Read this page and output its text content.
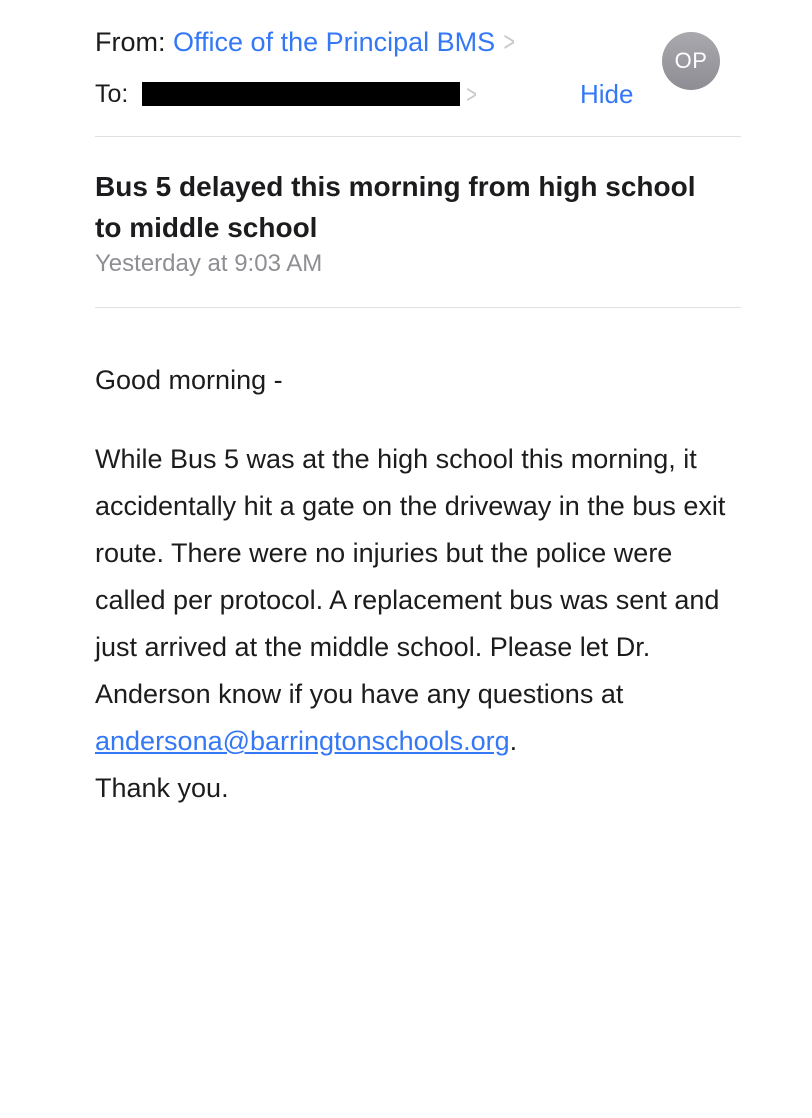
From: Office of the Principal BMS >
OP
To:	>	Hide
Bus 5 delayed this morning from high school to middle school
Yesterday at 9:03 AM

Good morning -

While Bus 5 was at the high school this morning, it accidentally hit a gate on the driveway in the bus exit route. There were no injuries but the police were called per protocol. A replacement bus was sent and just arrived at the middle school. Please let Dr. Anderson know if you have any questions at andersona@barringtonschools.org.

Thank you.
